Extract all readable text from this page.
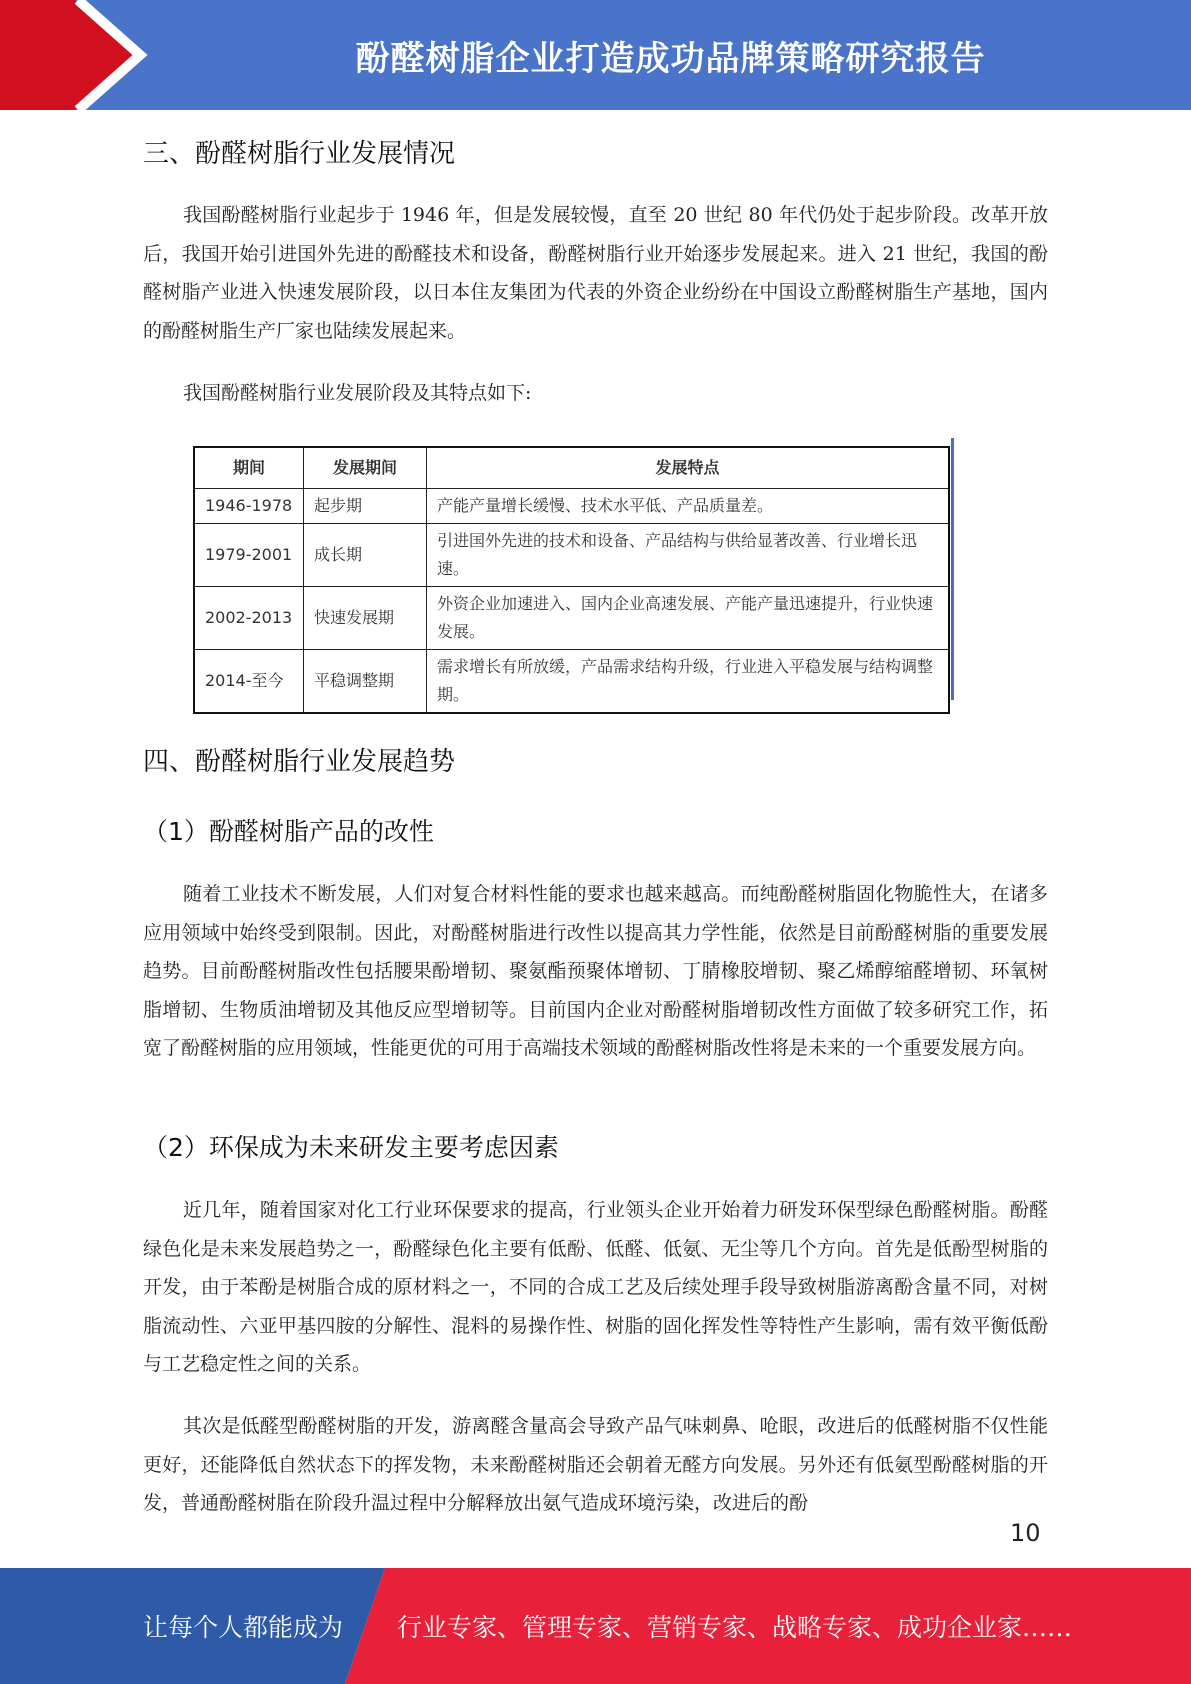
酚醛树脂企业打造成功品牌策略研究报告
三、酚醛树脂行业发展情况

我国酚醛树脂行业起步于 1946 年，但是发展较慢，直至 20 世纪 80 年代仍处于起步阶段。改革开放后，我国开始引进国外先进的酚醛技术和设备，酚醛树脂行业开始逐步发展起来。进入 21 世纪，我国的酚醛树脂产业进入快速发展阶段，以日本住友集团为代表的外资企业纷纷在中国设立酚醛树脂生产基地，国内的酚醛树脂生产厂家也陆续发展起来。

我国酚醛树脂行业发展阶段及其特点如下:

期间	发展期间	发展特点
1946-1978	起步期	产能产量增长缓慢、技术水平低、产品质量差。
1979-2001	成长期	引进国外先进的技术和设备、产品结构与供给显著改善、行业增长迅速。
2002-2013	快速发展期	外资企业加速进入、国内企业高速发展、产能产量迅速提升，行业快速发展。
2014-至今	平稳调整期	需求增长有所放缓，产品需求结构升级，行业进入平稳发展与结构调整期。
四、酚醛树脂行业发展趋势
（1）酚醛树脂产品的改性

随着工业技术不断发展，人们对复合材料性能的要求也越来越高。而纯酚醛树脂固化物脆性大，在诸多应用领域中始终受到限制。因此，对酚醛树脂进行改性以提高其力学性能，依然是目前酚醛树脂的重要发展趋势。目前酚醛树脂改性包括腰果酚增韧、聚氨酯预聚体增韧、丁腈橡胶增韧、聚乙烯醇缩醛增韧、环氧树脂增韧、生物质油增韧及其他反应型增韧等。目前国内企业对酚醛树脂增韧改性方面做了较多研究工作，拓宽了酚醛树脂的应用领域，性能更优的可用于高端技术领域的酚醛树脂改性将是未来的一个重要发展方向。

（2）环保成为未来研发主要考虑因素

近几年，随着国家对化工行业环保要求的提高，行业领头企业开始着力研发环保型绿色酚醛树脂。酚醛绿色化是未来发展趋势之一，酚醛绿色化主要有低酚、低醛、低氨、无尘等几个方向。首先是低酚型树脂的开发，由于苯酚是树脂合成的原材料之一，不同的合成工艺及后续处理手段导致树脂游离酚含量不同，对树脂流动性、六亚甲基四胺的分解性、混料的易操作性、树脂的固化挥发性等特性产生影响，需有效平衡低酚与工艺稳定性之间的关系。

其次是低醛型酚醛树脂的开发，游离醛含量高会导致产品气味刺鼻、呛眼，改进后的低醛树脂不仅性能更好，还能降低自然状态下的挥发物，未来酚醛树脂还会朝着无醛方向发展。另外还有低氨型酚醛树脂的开发，普通酚醛树脂在阶段升温过程中分解释放出氨气造成环境污染，改进后的酚

10
让每个人都能成为 行业专家、管理专家、营销专家、战略专家、成功企业家……
